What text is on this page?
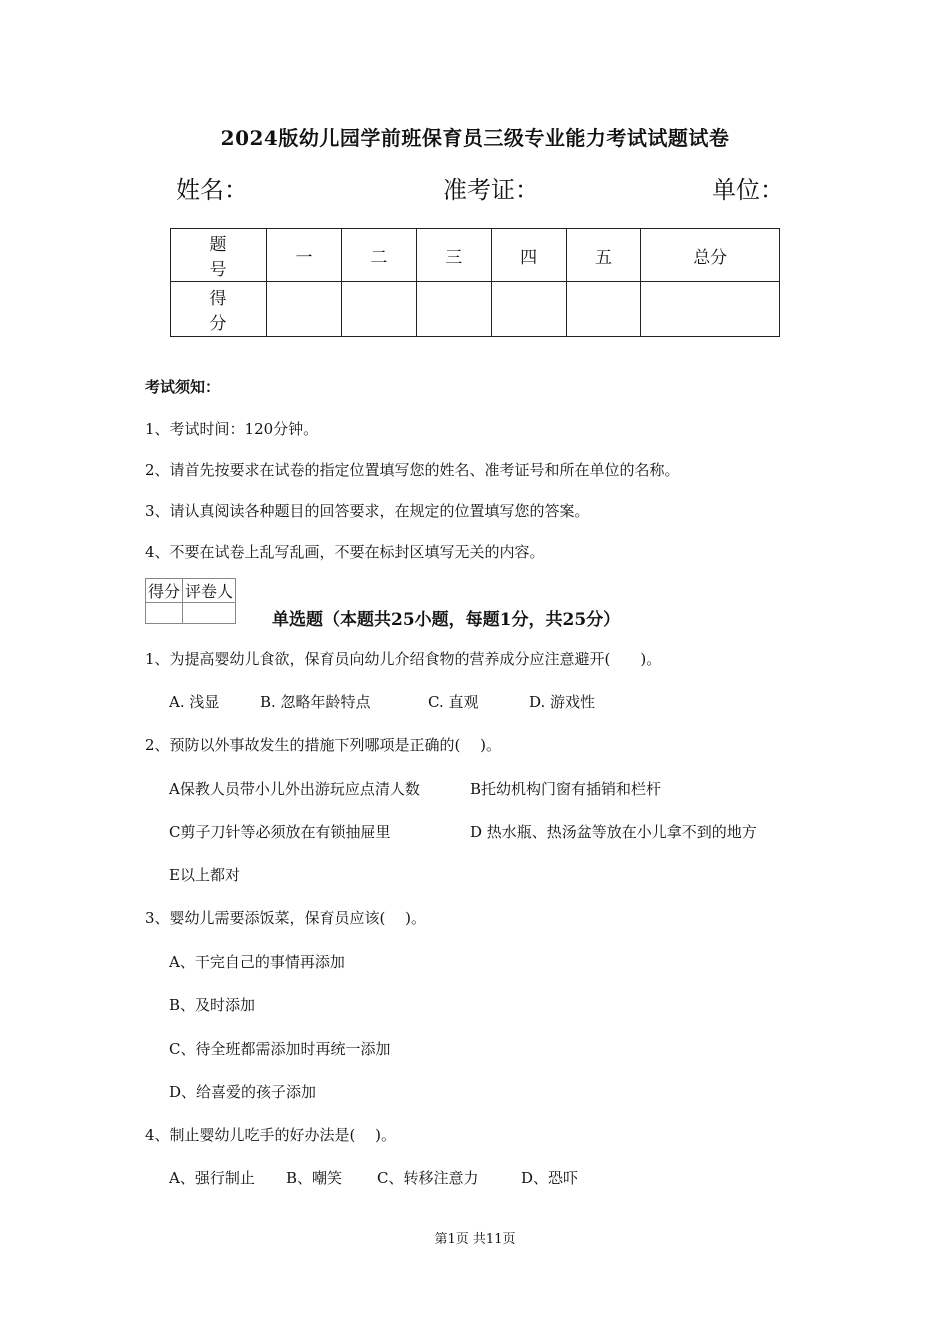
2024版幼儿园学前班保育员三级专业能力考试试题试卷
姓名：	准考证：	单位：
题　号	一	二	三	四	五	总分
得　分						
考试须知：
1、考试时间：120分钟。
2、请首先按要求在试卷的指定位置填写您的姓名、准考证号和所在单位的名称。
3、请认真阅读各种题目的回答要求，在规定的位置填写您的答案。
4、不要在试卷上乱写乱画，不要在标封区填写无关的内容。
得分	评卷人

单选题（本题共25小题，每题1分，共25分）
1、为提高婴幼儿食欲，保育员向幼儿介绍食物的营养成分应注意避开(　　)。
A. 浅显	B. 忽略年龄特点	C. 直观	D. 游戏性
2、预防以外事故发生的措施下列哪项是正确的(　 )。
A保教人员带小儿外出游玩应点清人数	B托幼机构门窗有插销和栏杆
C剪子刀针等必须放在有锁抽屉里	D 热水瓶、热汤盆等放在小儿拿不到的地方
E以上都对
3、婴幼儿需要添饭菜，保育员应该(　 )。
A、干完自己的事情再添加
B、及时添加
C、待全班都需添加时再统一添加
D、给喜爱的孩子添加
4、制止婴幼儿吃手的好办法是(　 )。
A、强行制止 B、嘲笑 C、转移注意力	D、恐吓
第1页 共11页
